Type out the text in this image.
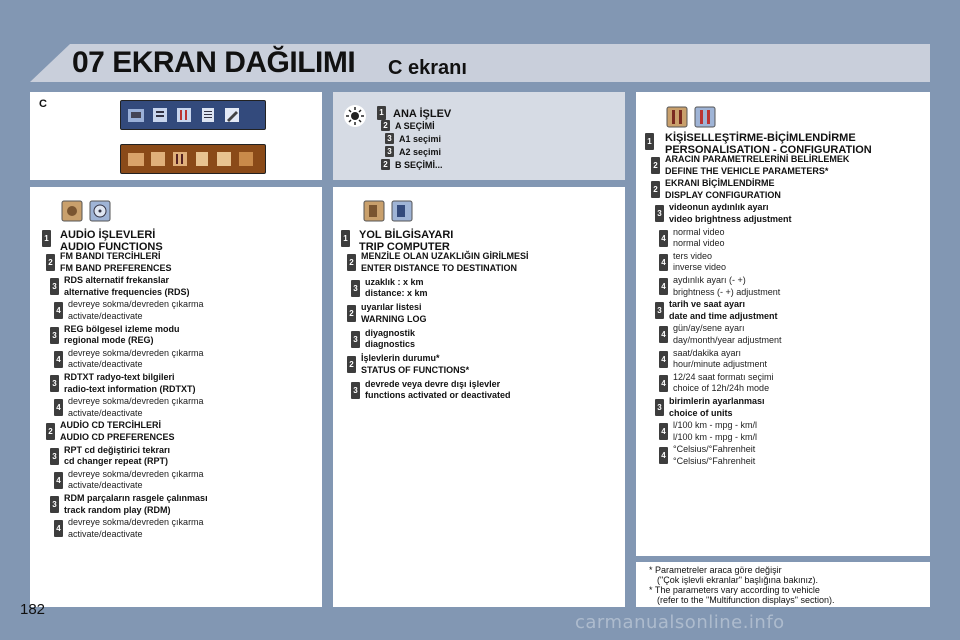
07 EKRAN DAĞILIMI C ekranı
C
1 ANA İŞLEV
2 A SEÇİMİ
3 A1 seçimi
3 A2 seçimi
2 B SEÇİMİ...
1 AUDİO İŞLEVLERİ
AUDIO FUNCTIONS
2
FM BANDI TERCİHLERİ
FM BAND PREFERENCES
3
RDS alternatif frekanslar
alternative frequencies (RDS)
4
devreye sokma/devreden çıkarma
activate/deactivate
3
REG bölgesel izleme modu
regional mode (REG)
4
devreye sokma/devreden çıkarma
activate/deactivate
3
RDTXT radyo-text bilgileri
radio-text information (RDTXT)
4
devreye sokma/devreden çıkarma
activate/deactivate
2
AUDİO CD TERCİHLERİ
AUDIO CD PREFERENCES
3
RPT cd değiştirici tekrarı
cd changer repeat (RPT)
4
devreye sokma/devreden çıkarma
activate/deactivate
3
RDM parçaların rasgele çalınması
track random play (RDM)
4
devreye sokma/devreden çıkarma
activate/deactivate
1 YOL BİLGİSAYARI
TRIP COMPUTER
2
MENZİLE OLAN UZAKLIĞIN GİRİLMESİ
ENTER DISTANCE TO DESTINATION
3
uzaklık : x km
distance: x km
2
uyarılar listesi
WARNING LOG
3
diyagnostik
diagnostics
2
İşlevlerin durumu*
STATUS OF FUNCTIONS*
3
devrede veya devre dışı işlevler
functions activated or deactivated
1 KİŞİSELLEŞTİRME-BİÇİMLENDİRME
PERSONALISATION - CONFIGURATION
2
ARACIN PARAMETRELERİNİ BELİRLEMEK
DEFINE THE VEHICLE PARAMETERS*
2
EKRANI BİÇİMLENDİRME
DISPLAY CONFIGURATION
3
videonun aydınlık ayarı
video brightness adjustment
4
normal video
normal video
4
ters video
inverse video
4
aydınlık ayarı (- +)
brightness (- +) adjustment
3
tarih ve saat ayarı
date and time adjustment
4
gün/ay/sene ayarı
day/month/year adjustment
4
saat/dakika ayarı
hour/minute adjustment
4
12/24 saat formatı seçimi
choice of 12h/24h mode
3
birimlerin ayarlanması
choice of units
4
l/100 km - mpg - km/l
l/100 km - mpg - km/l
4
°Celsius/°Fahrenheit
°Celsius/°Fahrenheit
* Parametreler araca göre değişir
("Çok işlevli ekranlar" başlığına bakınız).
* The parameters vary according to vehicle
(refer to the "Multifunction displays" section).
182
carmanualsonline.info
